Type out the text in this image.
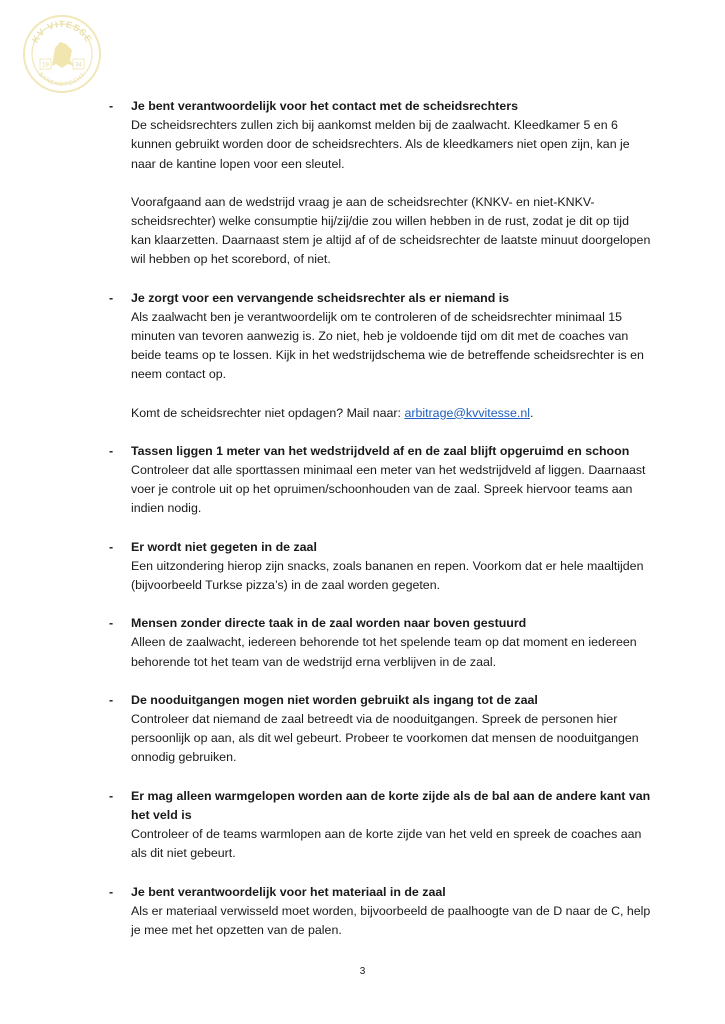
KV VITESSE
BARENDRECHT
19	34
-	Je bent verantwoordelijk voor het contact met de scheidsrechters

De scheidsrechters zullen zich bij aankomst melden bij de zaalwacht. Kleedkamer 5 en 6 kunnen gebruikt worden door de scheidsrechters. Als de kleedkamers niet open zijn, kan je naar de kantine lopen voor een sleutel.

Voorafgaand aan de wedstrijd vraag je aan de scheidsrechter (KNKV- en niet-KNKV-scheidsrechter) welke consumptie hij/zij/die zou willen hebben in de rust, zodat je dit op tijd kan klaarzetten. Daarnaast stem je altijd af of de scheidsrechter de laatste minuut doorgelopen wil hebben op het scorebord, of niet.

-	Je zorgt voor een vervangende scheidsrechter als er niemand is

Als zaalwacht ben je verantwoordelijk om te controleren of de scheidsrechter minimaal 15 minuten van tevoren aanwezig is. Zo niet, heb je voldoende tijd om dit met de coaches van beide teams op te lossen. Kijk in het wedstrijdschema wie de betreffende scheidsrechter is en neem contact op.

Komt de scheidsrechter niet opdagen? Mail naar: arbitrage@kvvitesse.nl.

-	Tassen liggen 1 meter van het wedstrijdveld af en de zaal blijft opgeruimd en schoon

Controleer dat alle sporttassen minimaal een meter van het wedstrijdveld af liggen. Daarnaast voer je controle uit op het opruimen/schoonhouden van de zaal. Spreek hiervoor teams aan indien nodig.

-	Er wordt niet gegeten in de zaal

Een uitzondering hierop zijn snacks, zoals bananen en repen. Voorkom dat er hele maaltijden (bijvoorbeeld Turkse pizza’s) in de zaal worden gegeten.

-	Mensen zonder directe taak in de zaal worden naar boven gestuurd

Alleen de zaalwacht, iedereen behorende tot het spelende team op dat moment en iedereen behorende tot het team van de wedstrijd erna verblijven in de zaal.

-	De nooduitgangen mogen niet worden gebruikt als ingang tot de zaal

Controleer dat niemand de zaal betreedt via de nooduitgangen. Spreek de personen hier persoonlijk op aan, als dit wel gebeurt. Probeer te voorkomen dat mensen de nooduitgangen onnodig gebruiken.

-	Er mag alleen warmgelopen worden aan de korte zijde als de bal aan de andere kant van het veld is

Controleer of de teams warmlopen aan de korte zijde van het veld en spreek de coaches aan als dit niet gebeurt.

-	Je bent verantwoordelijk voor het materiaal in de zaal

Als er materiaal verwisseld moet worden, bijvoorbeeld de paalhoogte van de D naar de C, help je mee met het opzetten van de palen.

3
